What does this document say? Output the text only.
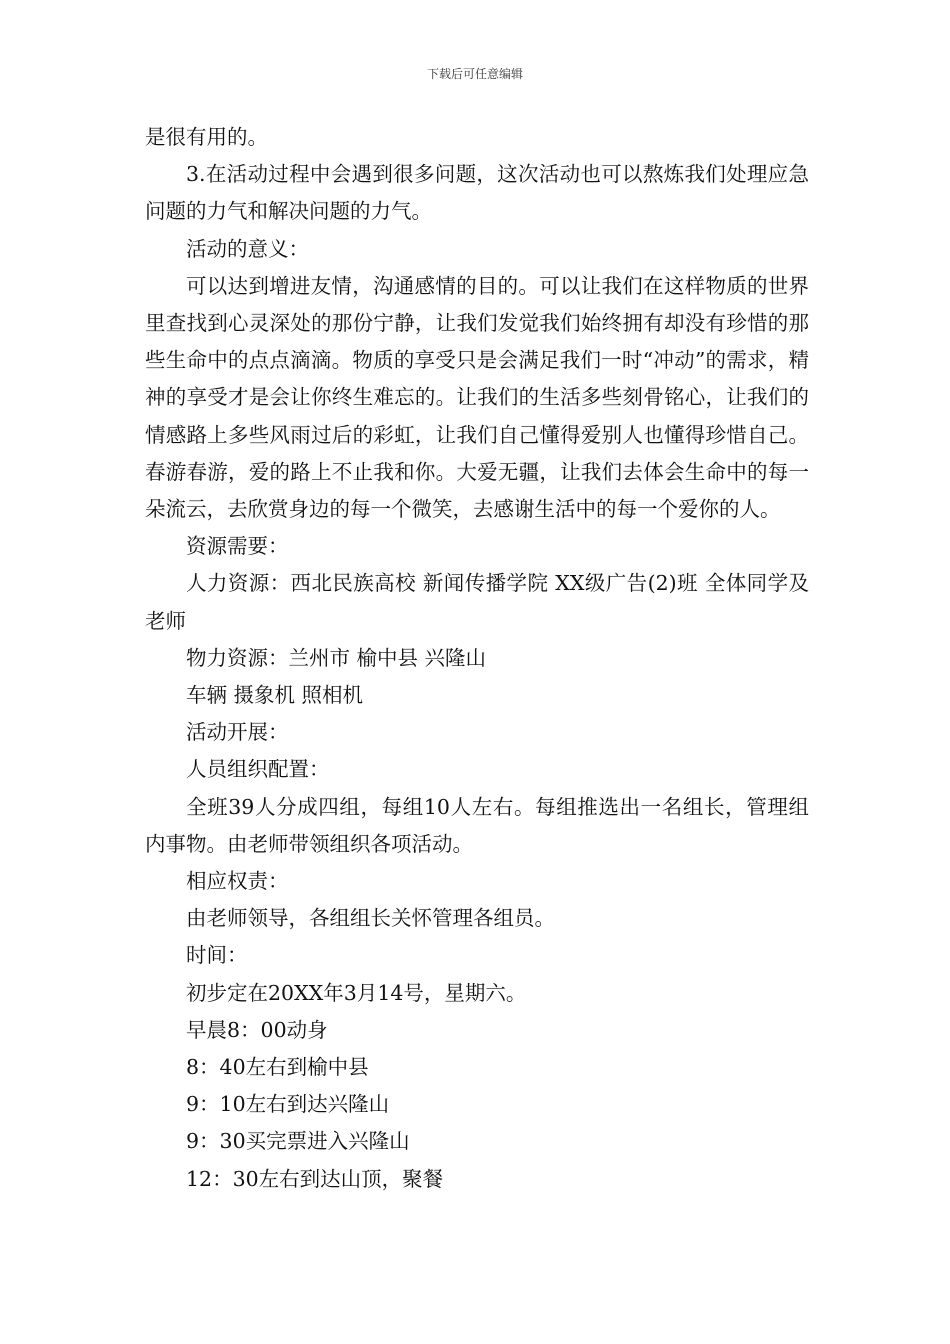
下载后可任意编辑

是很有用的。

3.在活动过程中会遇到很多问题，这次活动也可以熬炼我们处理应急问题的力气和解决问题的力气。

活动的意义：

可以达到增进友情，沟通感情的目的。可以让我们在这样物质的世界里查找到心灵深处的那份宁静，让我们发觉我们始终拥有却没有珍惜的那些生命中的点点滴滴。物质的享受只是会满足我们一时“冲动”的需求，精神的享受才是会让你终生难忘的。让我们的生活多些刻骨铭心，让我们的情感路上多些风雨过后的彩虹，让我们自己懂得爱别人也懂得珍惜自己。春游春游，爱的路上不止我和你。大爱无疆，让我们去体会生命中的每一朵流云，去欣赏身边的每一个微笑，去感谢生活中的每一个爱你的人。

资源需要：

人力资源：西北民族高校 新闻传播学院 XX级广告(2)班 全体同学及老师

物力资源：兰州市 榆中县 兴隆山

车辆 摄象机 照相机

活动开展：

人员组织配置：

全班39人分成四组，每组10人左右。每组推选出一名组长，管理组内事物。由老师带领组织各项活动。

相应权责：

由老师领导，各组组长关怀管理各组员。

时间：

初步定在20XX年3月14号，星期六。

早晨8：00动身

8：40左右到榆中县

9：10左右到达兴隆山

9：30买完票进入兴隆山

12：30左右到达山顶，聚餐
